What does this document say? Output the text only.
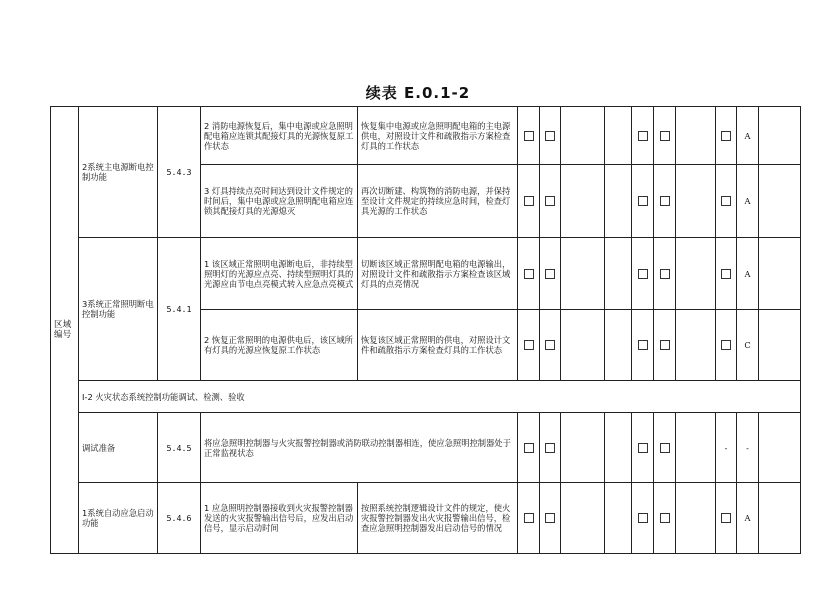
续表 E.0.1-2
区域编号	2系统主电源断电控制功能	5.4.3	2 消防电源恢复后，集中电源或应急照明配电箱应连锁其配接灯具的光源恢复原工作状态	恢复集中电源或应急照明配电箱的主电源供电，对照设计文件和疏散指示方案检查灯具的工作状态									A	
			3 灯具持续点亮时间达到设计文件规定的时间后，集中电源或应急照明配电箱应连锁其配接灯具的光源熄灭	再次切断建、构筑物的消防电源，并保持至设计文件规定的持续应急时间，检查灯具光源的工作状态									A	
	3系统正常照明断电控制功能	5.4.1	1 该区域正常照明电源断电后，非持续型照明灯的光源应点亮、持续型照明灯具的光源应由节电点亮模式转入应急点亮模式	切断该区域正常照明配电箱的电源输出，对照设计文件和疏散指示方案检查该区域灯具的点亮情况									A	
			2 恢复正常照明的电源供电后，该区域所有灯具的光源应恢复原工作状态	恢复该区域正常照明的供电，对照设计文件和疏散指示方案检查灯具的工作状态									C	
	Ⅰ-2 火灾状态系统控制功能调试、检测、验收													
	调试准备	5.4.5	将应急照明控制器与火灾报警控制器或消防联动控制器相连，使应急照明控制器处于正常监视状态									-	-	
	1系统自动应急启动功能	5.4.6	1 应急照明控制器接收到火灾报警控制器发送的火灾报警输出信号后，应发出启动信号，显示启动时间	按照系统控制逻辑设计文件的规定，使火灾报警控制器发出火灾报警输出信号，检查应急照明控制器发出启动信号的情况									A	
